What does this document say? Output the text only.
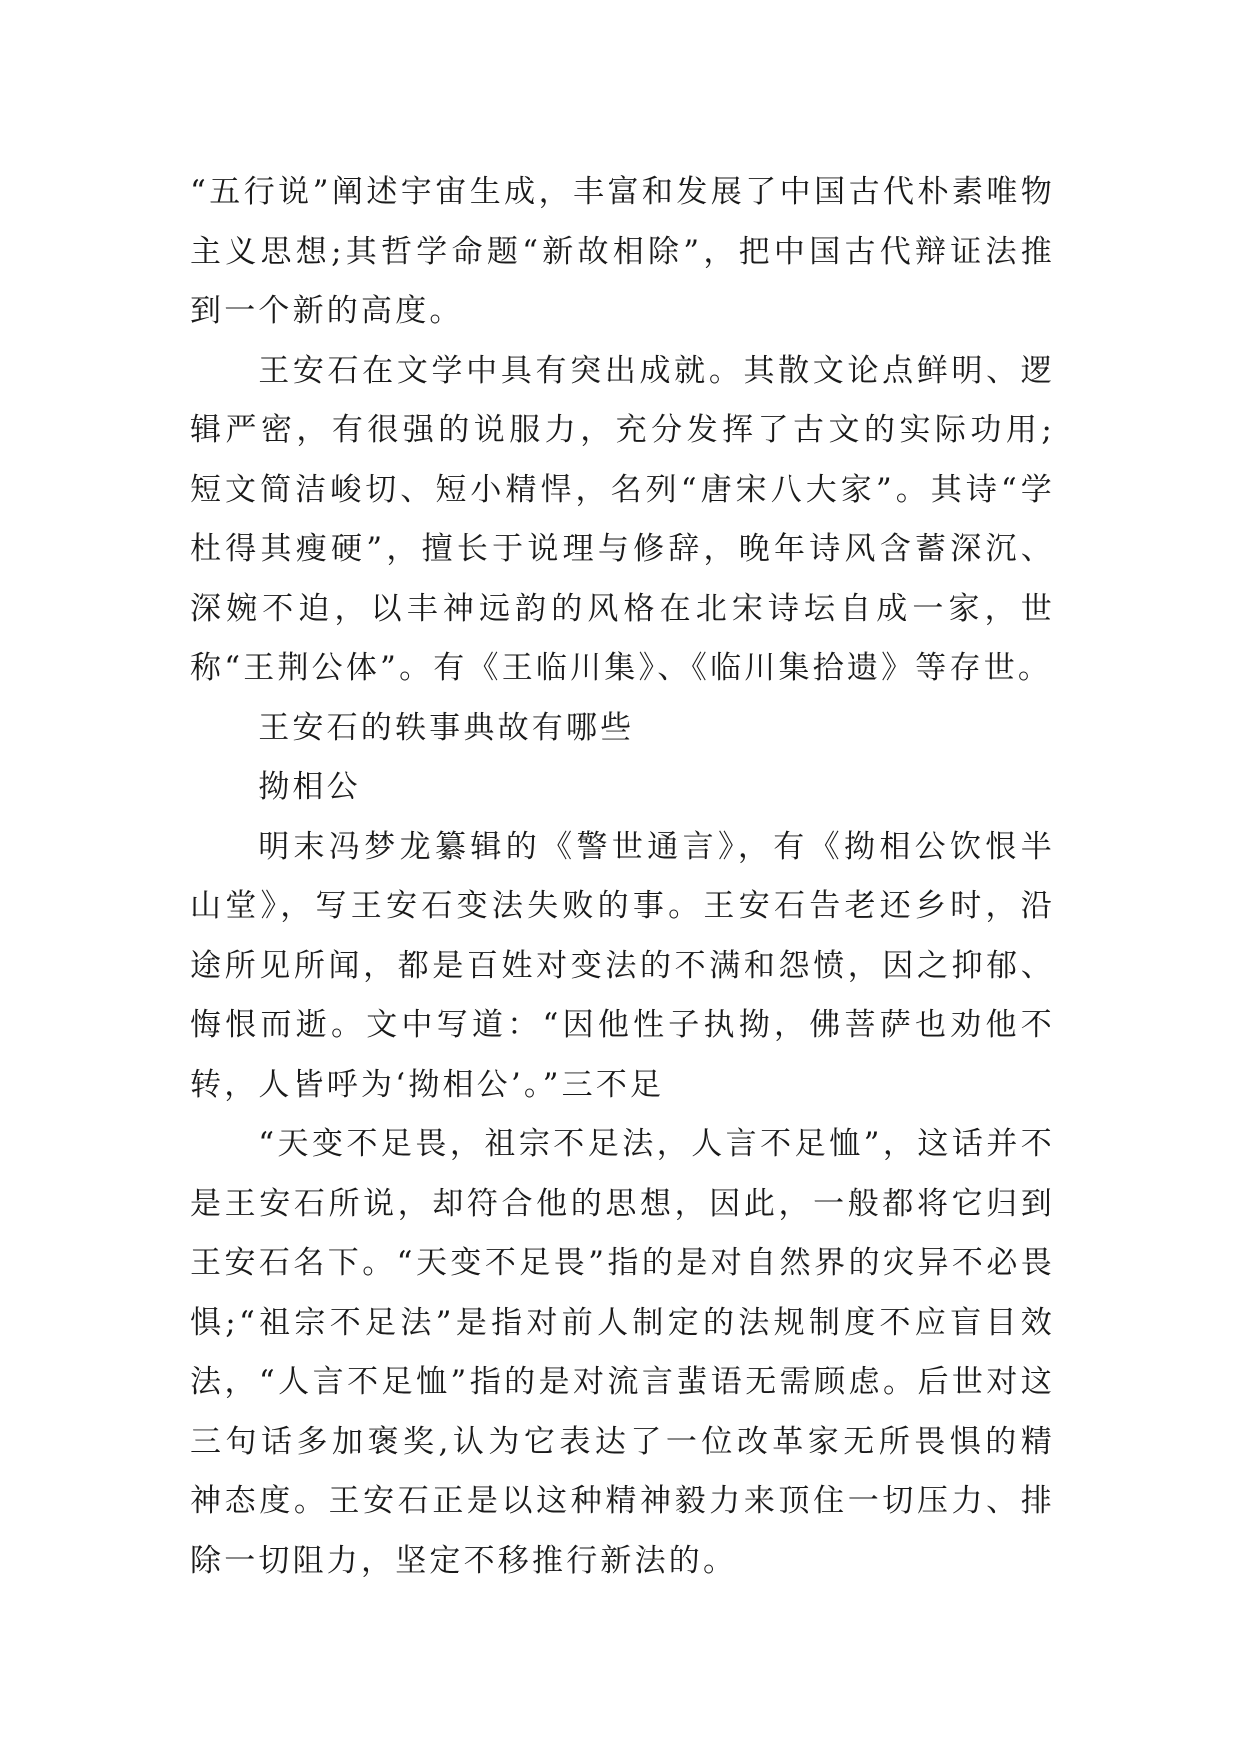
“五行说”阐述宇宙生成，丰富和发展了中国古代朴素唯物主义思想;其哲学命题“新故相除”，把中国古代辩证法推到一个新的高度。

王安石在文学中具有突出成就。其散文论点鲜明、逻辑严密，有很强的说服力，充分发挥了古文的实际功用;短文简洁峻切、短小精悍，名列“唐宋八大家”。其诗“学杜得其瘦硬”，擅长于说理与修辞，晚年诗风含蓄深沉、深婉不迫，以丰神远韵的风格在北宋诗坛自成一家，世称“王荆公体”。有《王临川集》、《临川集拾遗》等存世。

王安石的轶事典故有哪些

拗相公

明末冯梦龙纂辑的《警世通言》，有《拗相公饮恨半山堂》，写王安石变法失败的事。王安石告老还乡时，沿途所见所闻，都是百姓对变法的不满和怨愤，因之抑郁、悔恨而逝。文中写道：“因他性子执拗，佛菩萨也劝他不转，人皆呼为‘拗相公’。”三不足

“天变不足畏，祖宗不足法，人言不足恤”，这话并不是王安石所说，却符合他的思想，因此，一般都将它归到王安石名下。“天变不足畏”指的是对自然界的灾异不必畏惧;“祖宗不足法”是指对前人制定的法规制度不应盲目效法，“人言不足恤”指的是对流言蜚语无需顾虑。后世对这三句话多加褒奖,认为它表达了一位改革家无所畏惧的精神态度。王安石正是以这种精神毅力来顶住一切压力、排除一切阻力，坚定不移推行新法的。
